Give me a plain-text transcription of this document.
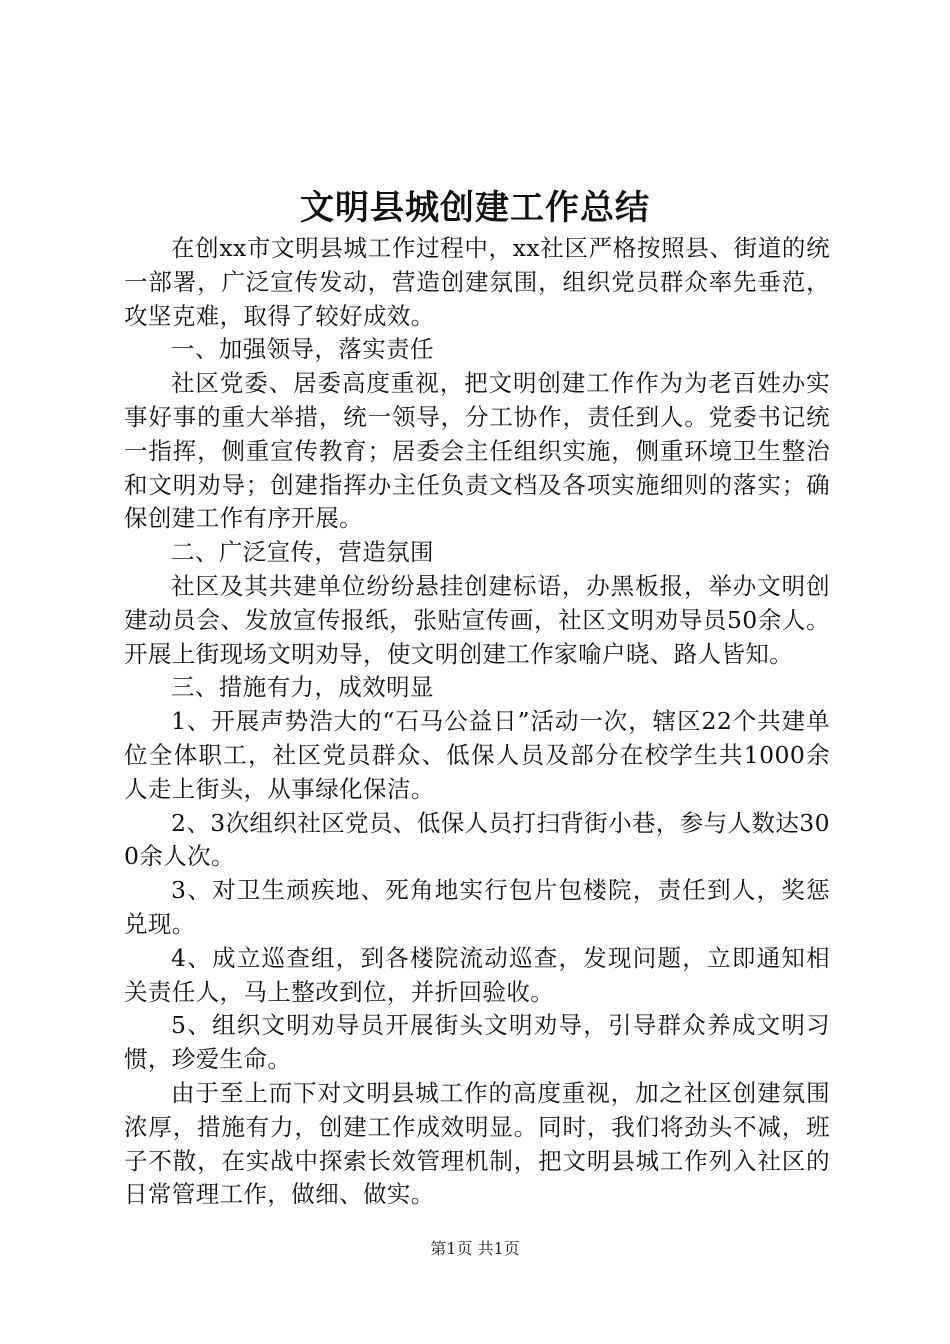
文明县城创建工作总结

在创xx市文明县城工作过程中，xx社区严格按照县、街道的统一部署，广泛宣传发动，营造创建氛围，组织党员群众率先垂范，攻坚克难，取得了较好成效。

一、加强领导，落实责任

社区党委、居委高度重视，把文明创建工作作为为老百姓办实事好事的重大举措，统一领导，分工协作，责任到人。党委书记统一指挥，侧重宣传教育；居委会主任组织实施，侧重环境卫生整治和文明劝导；创建指挥办主任负责文档及各项实施细则的落实；确保创建工作有序开展。

二、广泛宣传，营造氛围

社区及其共建单位纷纷悬挂创建标语，办黑板报，举办文明创建动员会、发放宣传报纸，张贴宣传画，社区文明劝导员50余人。开展上街现场文明劝导，使文明创建工作家喻户晓、路人皆知。

三、措施有力，成效明显

1、开展声势浩大的“石马公益日”活动一次，辖区22个共建单位全体职工，社区党员群众、低保人员及部分在校学生共1000余人走上街头，从事绿化保洁。

2、3次组织社区党员、低保人员打扫背街小巷，参与人数达300余人次。

3、对卫生顽疾地、死角地实行包片包楼院，责任到人，奖惩兑现。

4、成立巡查组，到各楼院流动巡查，发现问题，立即通知相关责任人，马上整改到位，并折回验收。

5、组织文明劝导员开展街头文明劝导，引导群众养成文明习惯，珍爱生命。

由于至上而下对文明县城工作的高度重视，加之社区创建氛围浓厚，措施有力，创建工作成效明显。同时，我们将劲头不减，班子不散，在实战中探索长效管理机制，把文明县城工作列入社区的日常管理工作，做细、做实。

第1页 共1页
